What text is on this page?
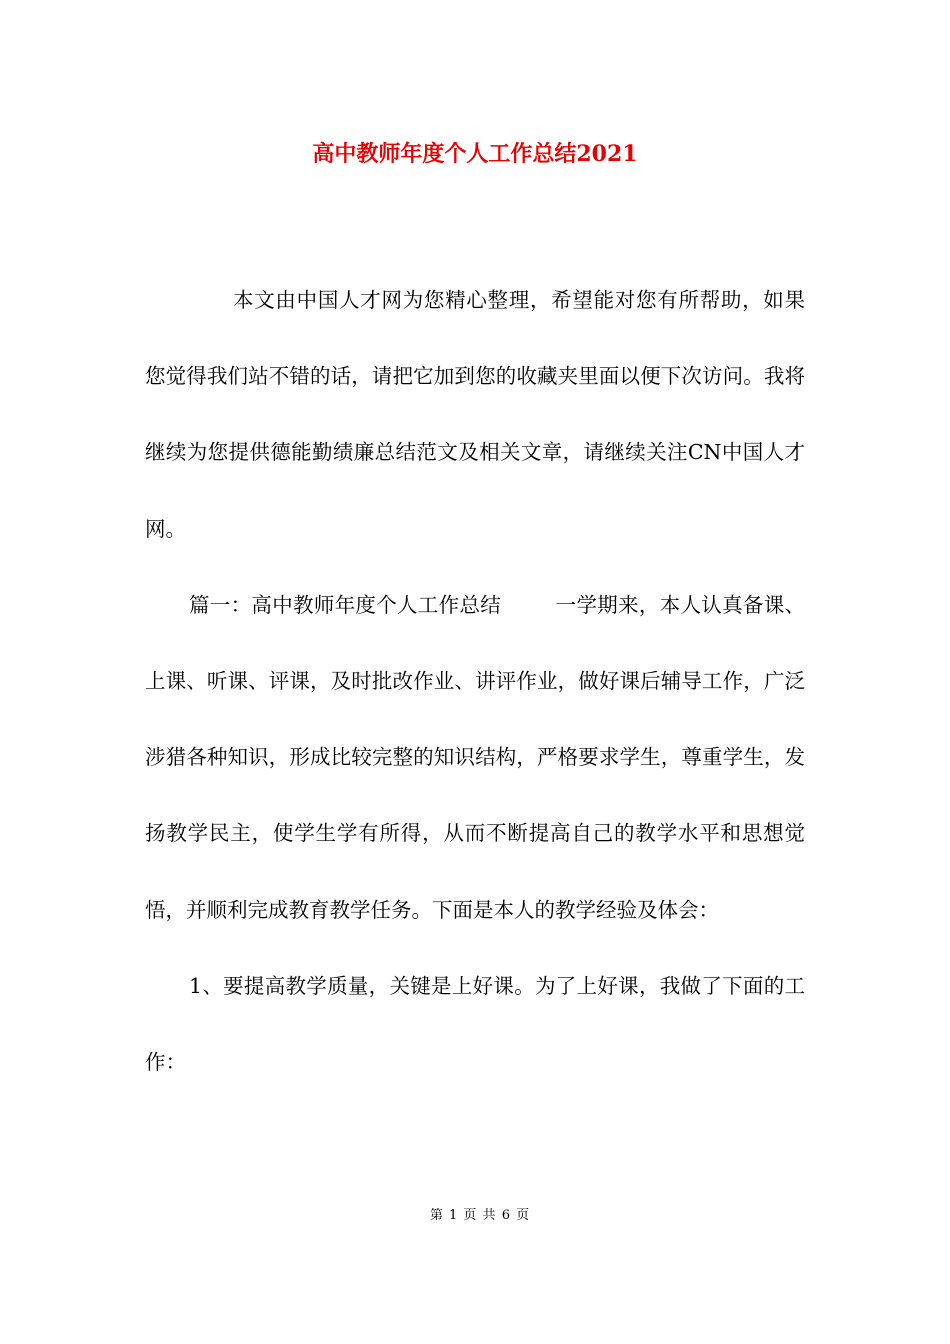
高中教师年度个人工作总结2021

本文由中国人才网为您精心整理，希望能对您有所帮助，如果您觉得我们站不错的话，请把它加到您的收藏夹里面以便下次访问。我将继续为您提供德能勤绩廉总结范文及相关文章，请继续关注CN中国人才网。

篇一：高中教师年度个人工作总结	一学期来，本人认真备课、上课、听课、评课，及时批改作业、讲评作业，做好课后辅导工作，广泛涉猎各种知识，形成比较完整的知识结构，严格要求学生，尊重学生，发扬教学民主，使学生学有所得，从而不断提高自己的教学水平和思想觉悟，并顺利完成教育教学任务。下面是本人的教学经验及体会：

1、要提高教学质量，关键是上好课。为了上好课，我做了下面的工作：

第 1 页 共 6 页
